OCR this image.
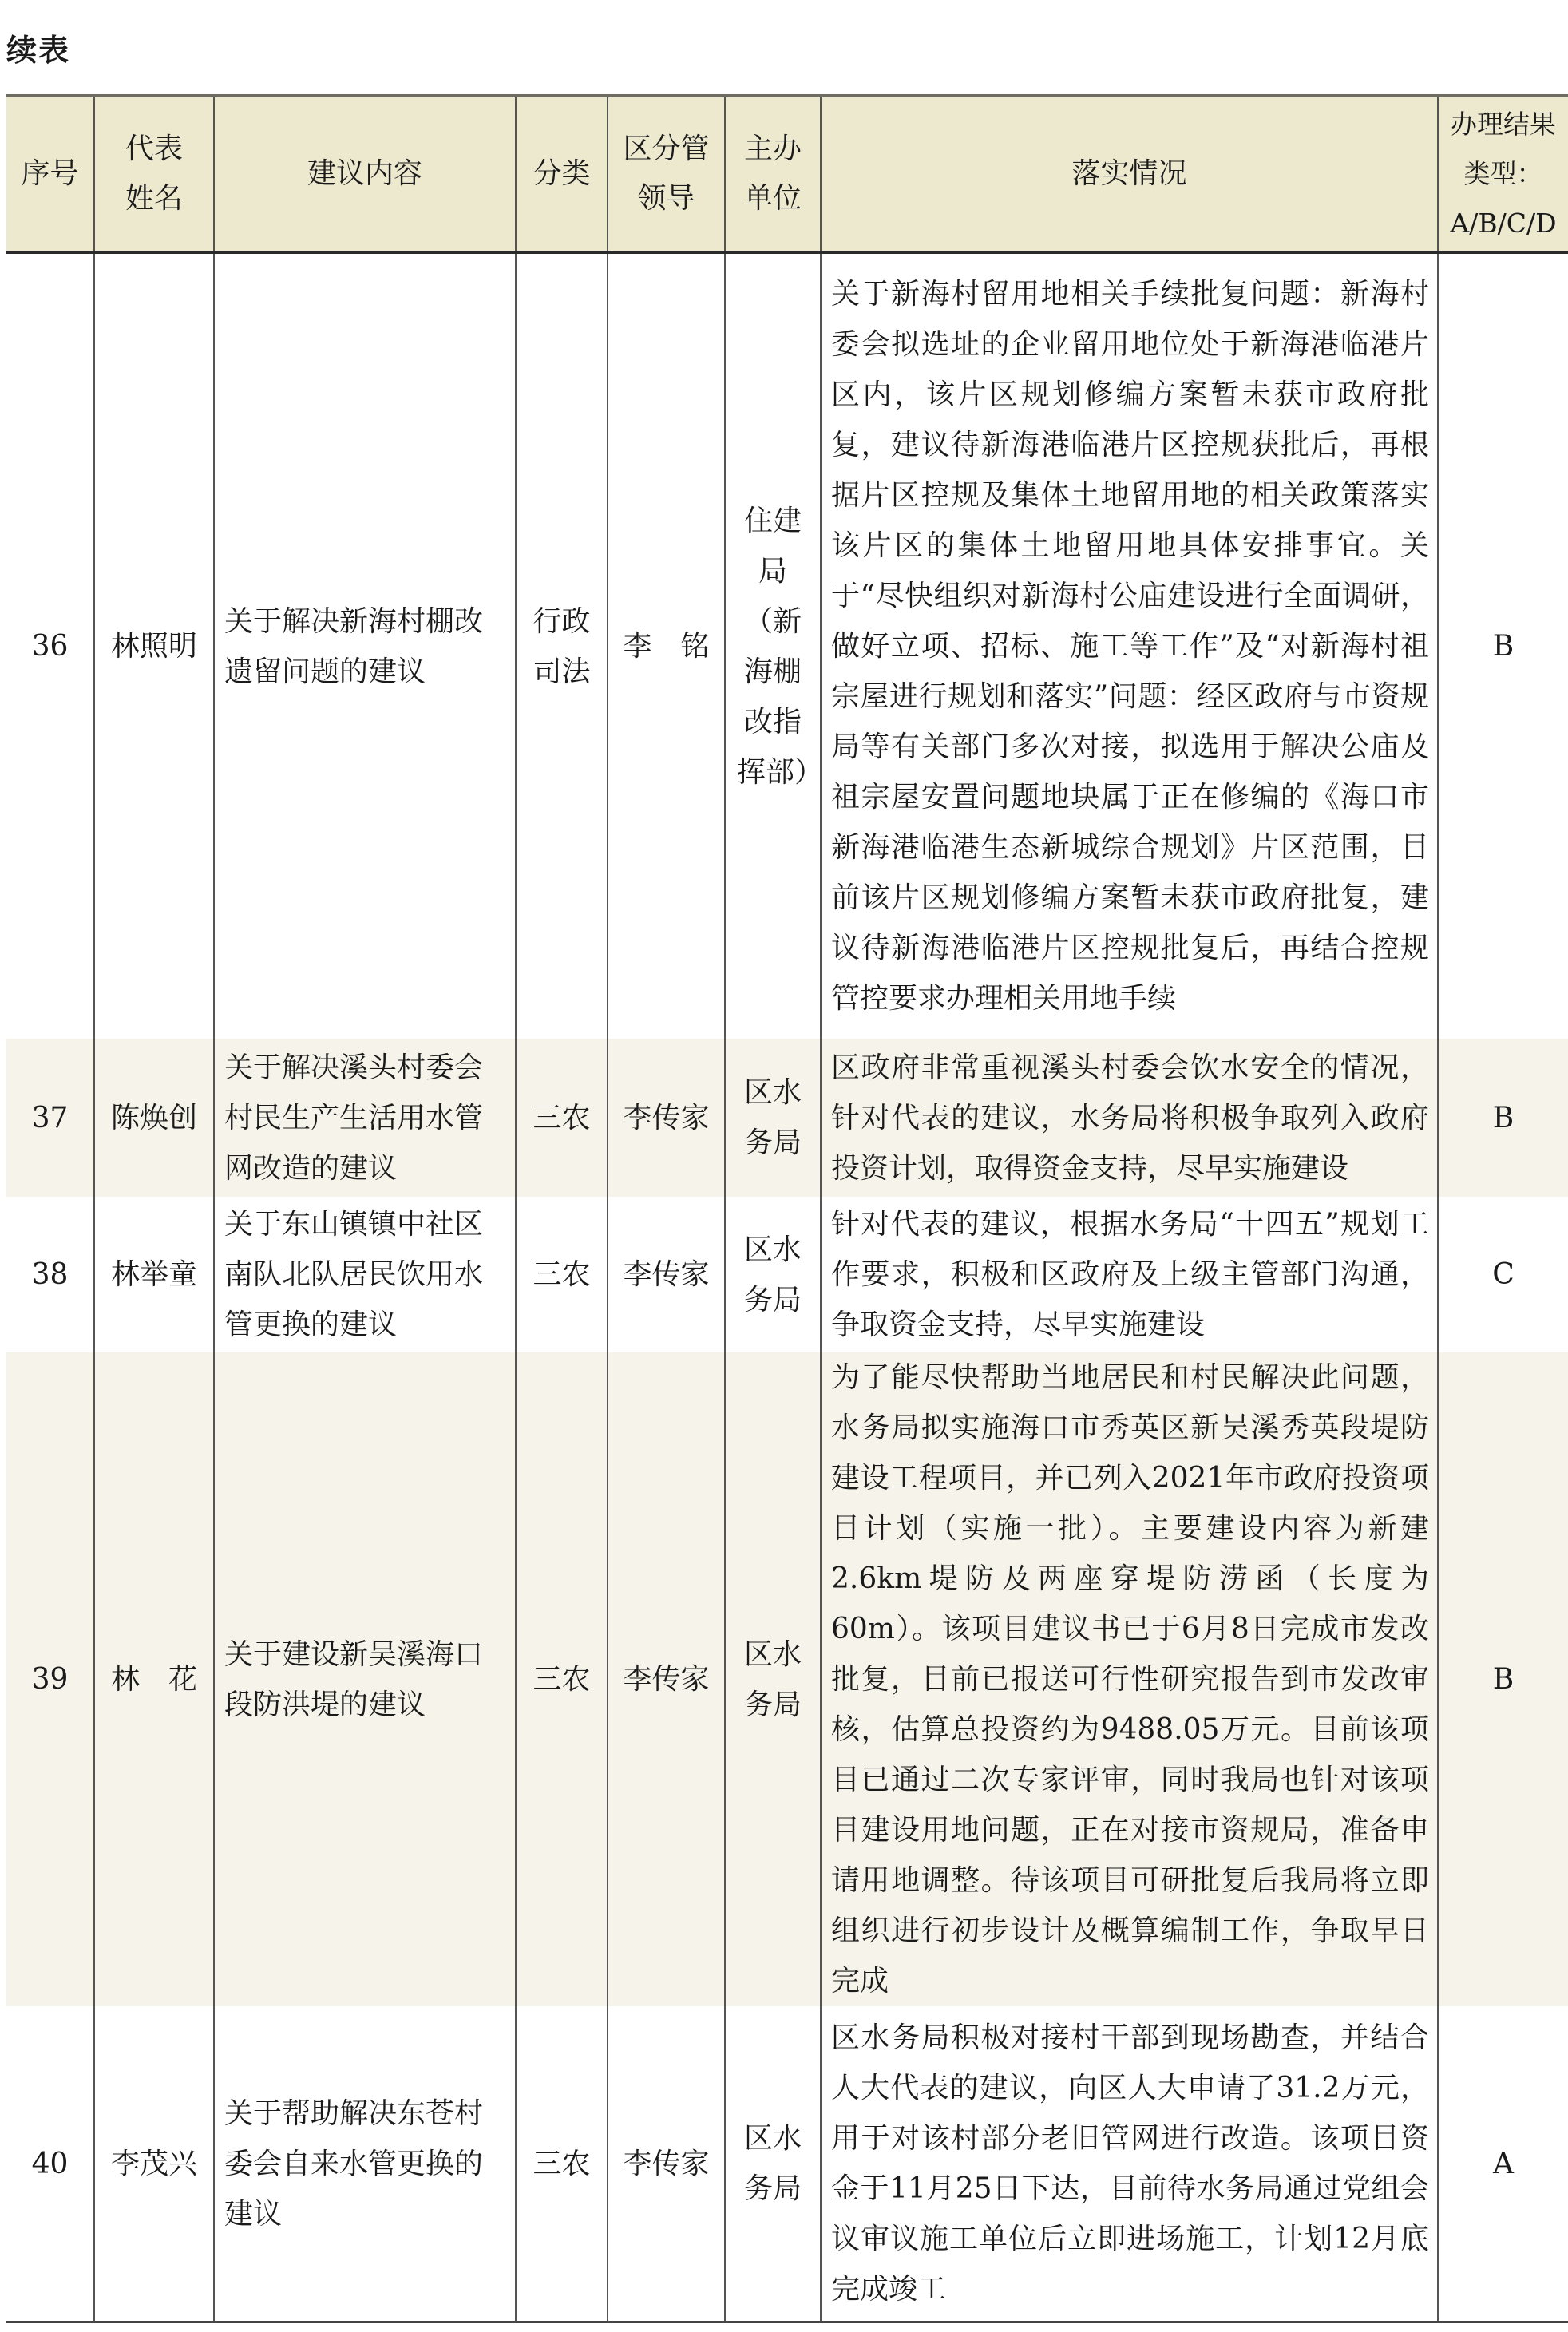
续表
序号	代表姓名	建议内容	分类	区分管领导	主办单位	落实情况	办理结果类型：A/B/C/D
36	林照明	关于解决新海村棚改遗留问题的建议	行政司法	李　铭	住建局（新海棚改指挥部）	关于新海村留用地相关手续批复问题：新海村委会拟选址的企业留用地位处于新海港临港片区内，该片区规划修编方案暂未获市政府批复，建议待新海港临港片区控规获批后，再根据片区控规及集体土地留用地的相关政策落实该片区的集体土地留用地具体安排事宜。关于“尽快组织对新海村公庙建设进行全面调研，做好立项、招标、施工等工作”及“对新海村祖宗屋进行规划和落实”问题：经区政府与市资规局等有关部门多次对接，拟选用于解决公庙及祖宗屋安置问题地块属于正在修编的《海口市新海港临港生态新城综合规划》片区范围，目前该片区规划修编方案暂未获市政府批复，建议待新海港临港片区控规批复后，再结合控规管控要求办理相关用地手续	B
37	陈焕创	关于解决溪头村委会村民生产生活用水管网改造的建议	三农	李传家	区水务局	区政府非常重视溪头村委会饮水安全的情况，针对代表的建议，水务局将积极争取列入政府投资计划，取得资金支持，尽早实施建设	B
38	林举童	关于东山镇镇中社区南队北队居民饮用水管更换的建议	三农	李传家	区水务局	针对代表的建议，根据水务局“十四五”规划工作要求，积极和区政府及上级主管部门沟通，争取资金支持，尽早实施建设	C
39	林　花	关于建设新吴溪海口段防洪堤的建议	三农	李传家	区水务局	为了能尽快帮助当地居民和村民解决此问题，水务局拟实施海口市秀英区新吴溪秀英段堤防建设工程项目，并已列入2021年市政府投资项目计划（实施一批）。主要建设内容为新建2.6km堤防及两座穿堤防涝函（长度为60m）。该项目建议书已于6月8日完成市发改批复，目前已报送可行性研究报告到市发改审核，估算总投资约为9488.05万元。目前该项目已通过二次专家评审，同时我局也针对该项目建设用地问题，正在对接市资规局，准备申请用地调整。待该项目可研批复后我局将立即组织进行初步设计及概算编制工作，争取早日完成	B
40	李茂兴	关于帮助解决东苍村委会自来水管更换的建议	三农	李传家	区水务局	区水务局积极对接村干部到现场勘查，并结合人大代表的建议，向区人大申请了31.2万元，用于对该村部分老旧管网进行改造。该项目资金于11月25日下达，目前待水务局通过党组会议审议施工单位后立即进场施工，计划12月底完成竣工	A
